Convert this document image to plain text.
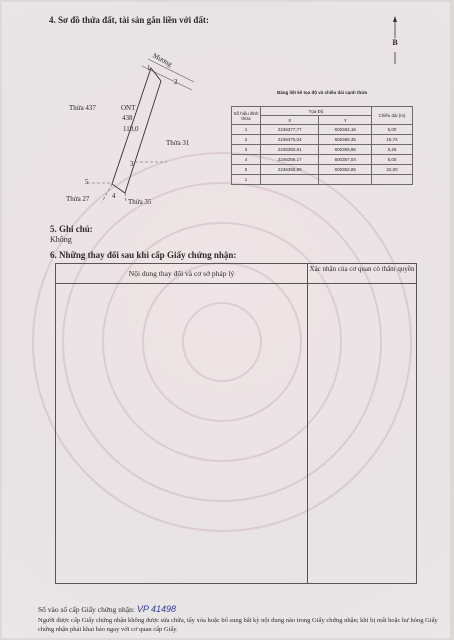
4. Sơ đồ thửa đất, tài sản gắn liền với đất:
B
Mương
1
2
3
4
5
Thửa 437	ONT
438
110,0
Thửa 31
Thửa 27	Thửa 35
Bảng liệt kê tọa độ và chiều dài cạnh thửa
Số hiệu đỉnh thửa	Tọa Độ		Chiều dài (m)
	X	Y	
1	2246377,77	600364,16	5,00
2	2246375,04	600368,35	16,74
3	2246360,61	600359,86	5,26
4	2246356,17	600357,04	5,00
5	2246358,90	600352,85	22,00
1			
5. Ghi chú:
Không
6. Những thay đổi sau khi cấp Giấy chứng nhận:
Nội dung thay đổi và cơ sở pháp lý	Xác nhận của cơ quan có thẩm quyền
Số vào sổ cấp Giấy chứng nhận: VP 41498
Người được cấp Giấy chứng nhận không được sửa chữa, tẩy xóa hoặc bổ sung bất kỳ nội dung nào trong Giấy chứng nhận; khi bị mất hoặc hư hỏng Giấy chứng nhận phải khai báo ngay với cơ quan cấp Giấy.
